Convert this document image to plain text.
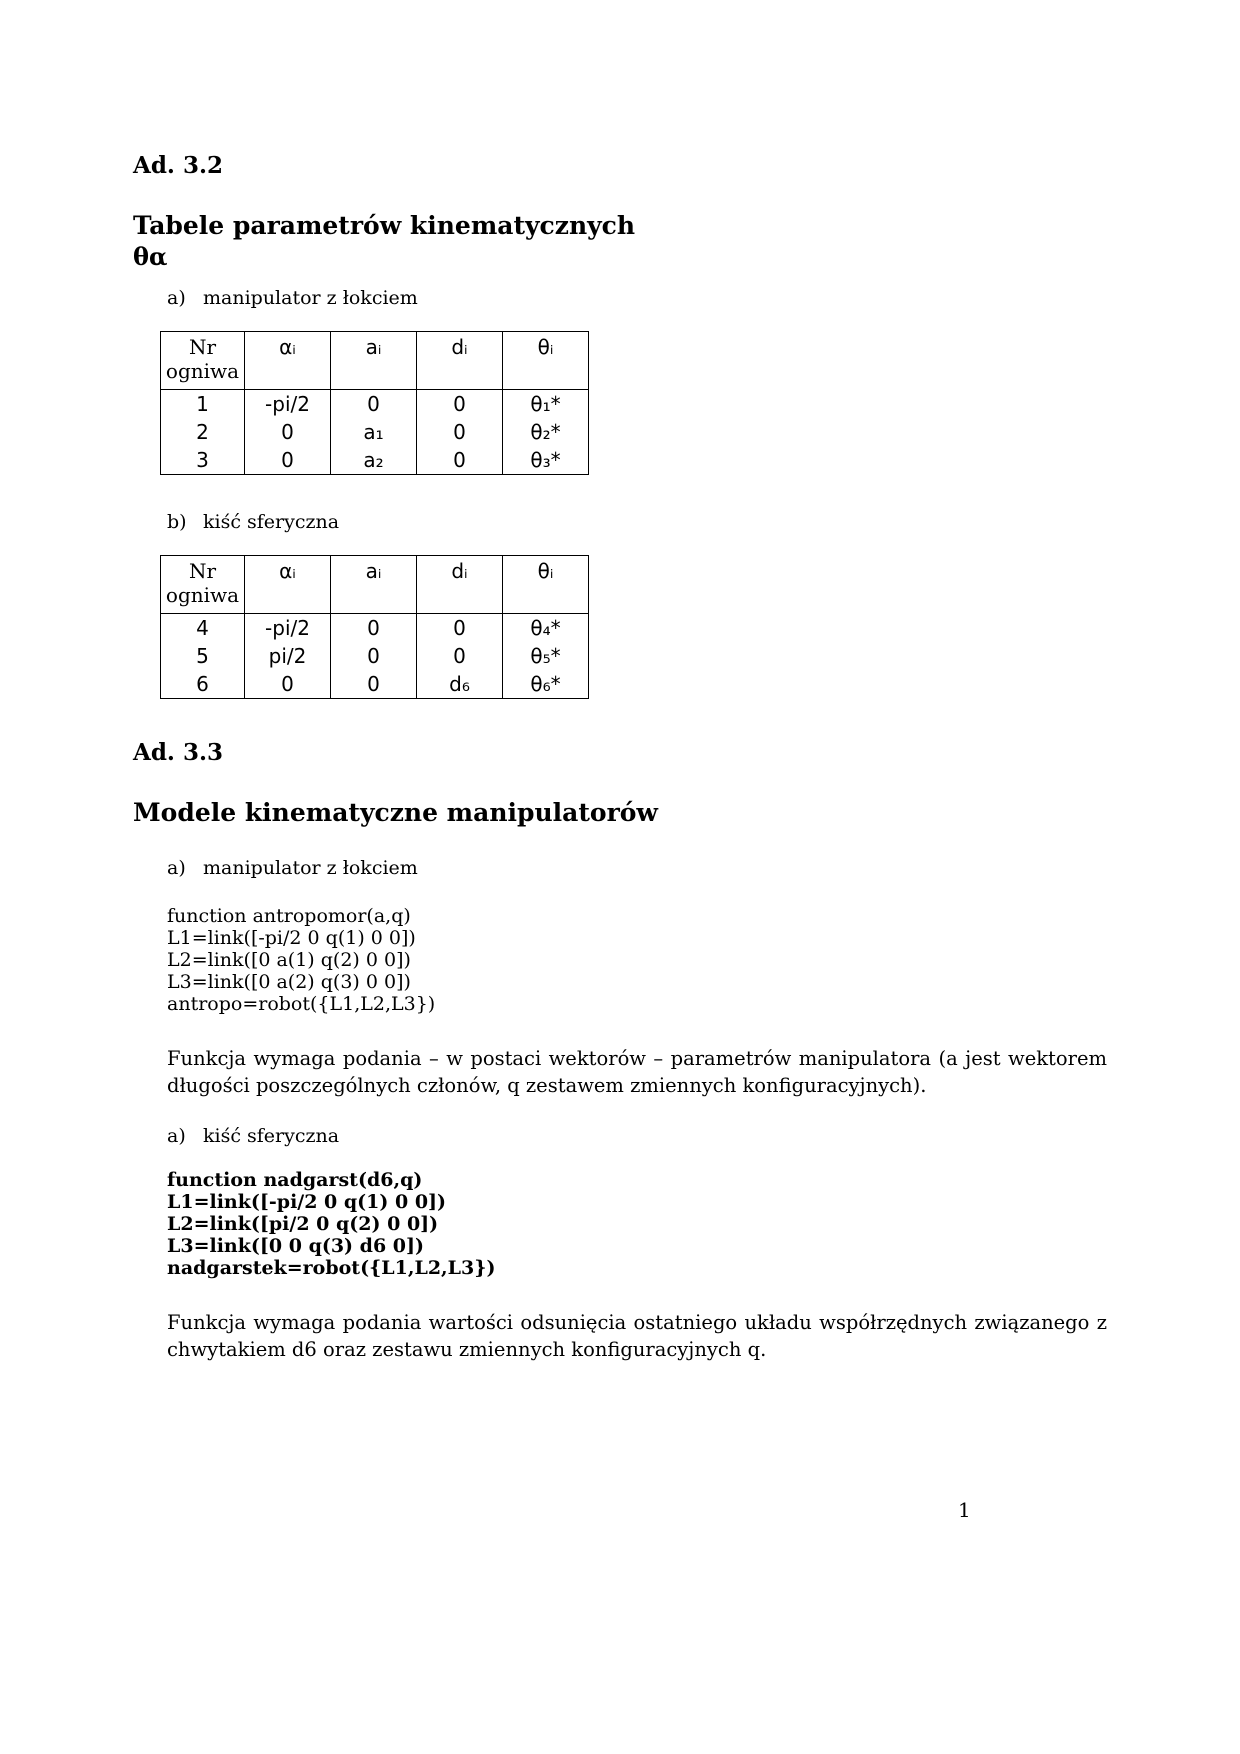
Ad. 3.2
Tabele parametrów kinematycznych
θα
a) manipulator z łokciem
Nr ogniwa	αᵢ	aᵢ	dᵢ	θᵢ
1	-pi/2	0	0	θ₁*
2	0	a₁	0	θ₂*
3	0	a₂	0	θ₃*
b) kiść sferyczna
Nr ogniwa	αᵢ	aᵢ	dᵢ	θᵢ
4	-pi/2	0	0	θ₄*
5	pi/2	0	0	θ₅*
6	0	0	d₆	θ₆*
Ad. 3.3
Modele kinematyczne manipulatorów
a) manipulator z łokciem
function antropomor(a,q)
L1=link([-pi/2 0 q(1) 0 0])
L2=link([0 a(1) q(2) 0 0])
L3=link([0 a(2) q(3) 0 0])
antropo=robot({L1,L2,L3})
Funkcja wymaga podania – w postaci wektorów – parametrów manipulatora (a jest wektorem długości poszczególnych członów, q zestawem zmiennych konfiguracyjnych).
a) kiść sferyczna
function nadgarst(d6,q)
L1=link([-pi/2 0 q(1) 0 0])
L2=link([pi/2 0 q(2) 0 0])
L3=link([0 0 q(3) d6 0])
nadgarstek=robot({L1,L2,L3})
Funkcja wymaga podania wartości odsunięcia ostatniego układu współrzędnych związanego z chwytakiem d6 oraz zestawu zmiennych konfiguracyjnych q.
1
